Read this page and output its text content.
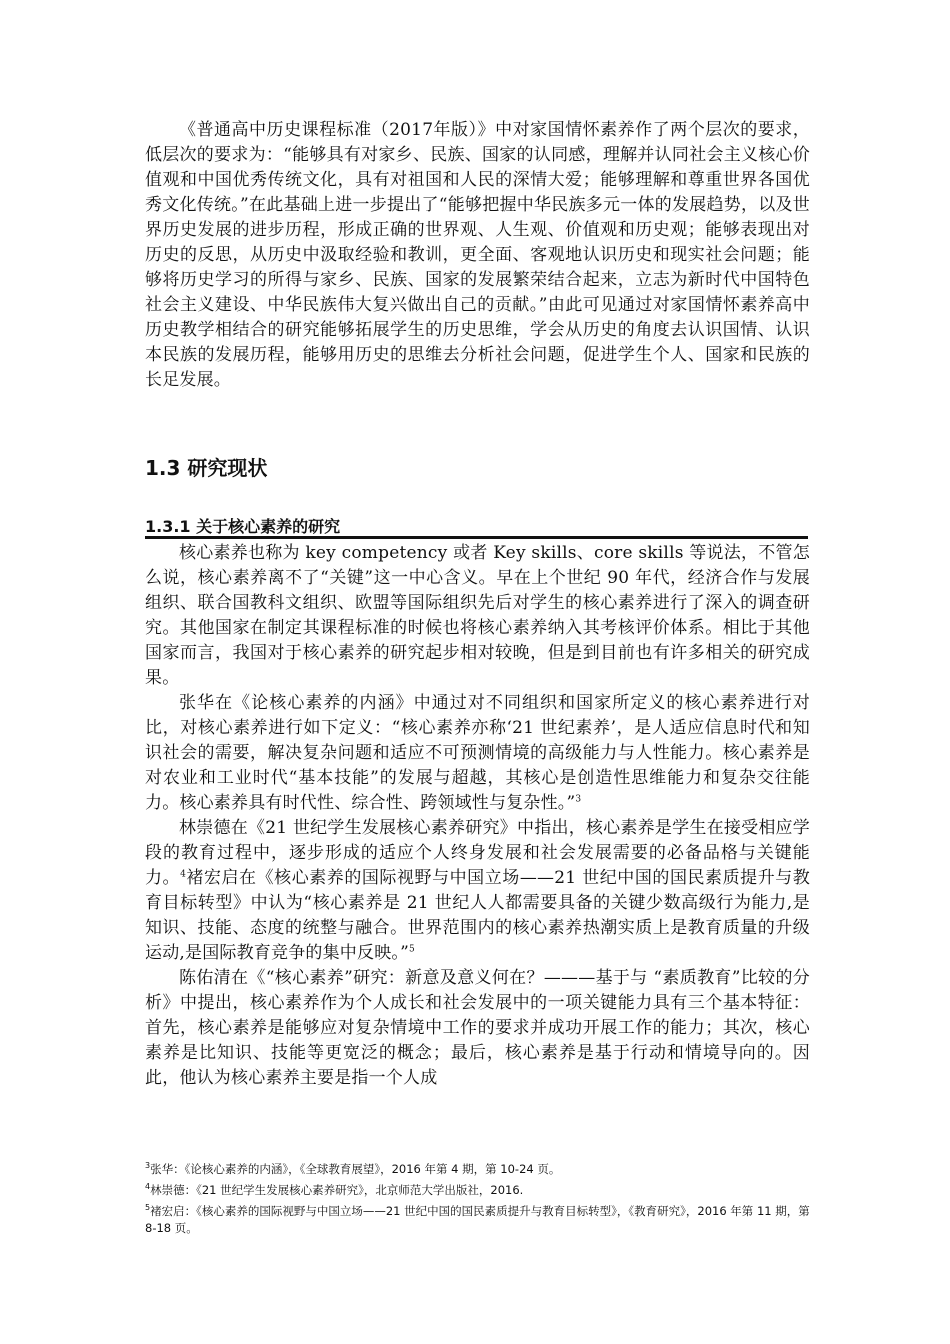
《普通高中历史课程标准（2017年版）》中对家国情怀素养作了两个层次的要求，低层次的要求为：“能够具有对家乡、民族、国家的认同感，理解并认同社会主义核心价值观和中国优秀传统文化，具有对祖国和人民的深情大爱；能够理解和尊重世界各国优秀文化传统。”在此基础上进一步提出了“能够把握中华民族多元一体的发展趋势，以及世界历史发展的进步历程，形成正确的世界观、人生观、价值观和历史观；能够表现出对历史的反思，从历史中汲取经验和教训，更全面、客观地认识历史和现实社会问题；能够将历史学习的所得与家乡、民族、国家的发展繁荣结合起来，立志为新时代中国特色社会主义建设、中华民族伟大复兴做出自己的贡献。”由此可见通过对家国情怀素养高中历史教学相结合的研究能够拓展学生的历史思维，学会从历史的角度去认识国情、认识本民族的发展历程，能够用历史的思维去分析社会问题，促进学生个人、国家和民族的长足发展。

1.3 研究现状
1.3.1 关于核心素养的研究

核心素养也称为 key competency 或者 Key skills、core skills 等说法，不管怎么说，核心素养离不了“关键”这一中心含义。早在上个世纪 90 年代，经济合作与发展组织、联合国教科文组织、欧盟等国际组织先后对学生的核心素养进行了深入的调查研究。其他国家在制定其课程标准的时候也将核心素养纳入其考核评价体系。相比于其他国家而言，我国对于核心素养的研究起步相对较晚，但是到目前也有许多相关的研究成果。

张华在《论核心素养的内涵》中通过对不同组织和国家所定义的核心素养进行对比，对核心素养进行如下定义：“核心素养亦称‘21 世纪素养’，是人适应信息时代和知识社会的需要，解决复杂问题和适应不可预测情境的高级能力与人性能力。核心素养是对农业和工业时代“基本技能”的发展与超越，其核心是创造性思维能力和复杂交往能力。核心素养具有时代性、综合性、跨领域性与复杂性。”$^3$

林崇德在《21 世纪学生发展核心素养研究》中指出，核心素养是学生在接受相应学段的教育过程中，逐步形成的适应个人终身发展和社会发展需要的必备品格与关键能力。$^4$褚宏启在《核心素养的国际视野与中国立场——21 世纪中国的国民素质提升与教育目标转型》中认为“核心素养是 21 世纪人人都需要具备的关键少数高级行为能力,是知识、技能、态度的统整与融合。世界范围内的核心素养热潮实质上是教育质量的升级运动,是国际教育竞争的集中反映。”$^5$

陈佑清在《“核心素养”研究：新意及意义何在？———基于与 “素质教育”比较的分析》中提出，核心素养作为个人成长和社会发展中的一项关键能力具有三个基本特征：首先，核心素养是能够应对复杂情境中工作的要求并成功开展工作的能力；其次，核心素养是比知识、技能等更宽泛的概念；最后，核心素养是基于行动和情境导向的。因此，他认为核心素养主要是指一个人成

$^3$张华：《论核心素养的内涵》，《全球教育展望》，2016 年第 4 期，第 10-24 页。

$^4$林崇德：《21 世纪学生发展核心素养研究》，北京师范大学出版社，2016.

$^5$褚宏启：《核心素养的国际视野与中国立场——21 世纪中国的国民素质提升与教育目标转型》，《教育研究》，2016 年第 11 期，第 8-18 页。
